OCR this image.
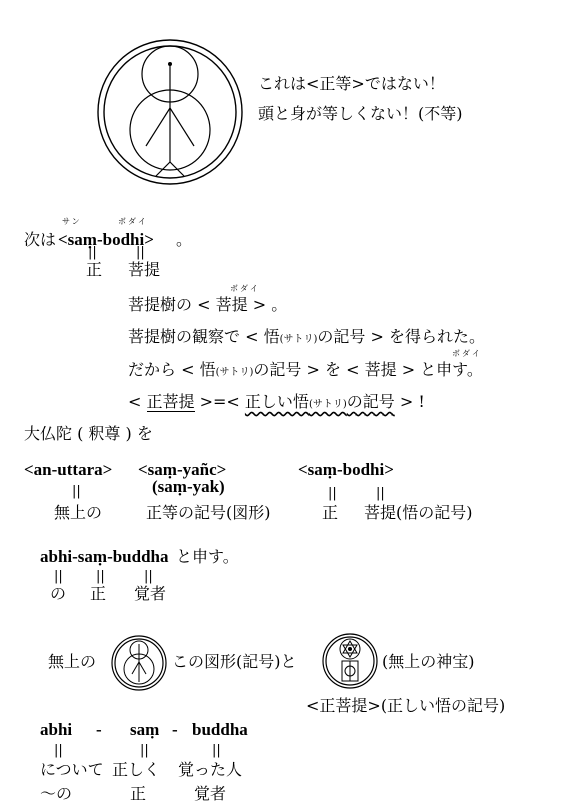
これは<正等>ではない！
頭と身が等しくない！(不等)
サン	ボダイ
次は <saṃ-bodhi> 。
||	||
正 菩提
ボダイ
菩提樹の < 菩提 > 。
菩提樹の観察で < 悟(サトリ)の記号 > を得られた。
ボダイ
だから < 悟(サトリ)の記号 > を < 菩提 > と申す。
< 正菩提 >=< 正しい悟(サトリ)の記号 > !
大仏陀 ( 釈尊 ) を
<an-uttara> <saṃ-yañc>
(saṃ-yak)
<saṃ-bodhi>
||	||	||
無上の	正等の記号(図形)	正 菩提(悟の記号)
abhi-saṃ-buddha と申す。
||	||	||
の 正 覚者
無上の	この図形(記号)と	(無上の神宝)
<正菩提>(正しい悟の記号)
abhi - saṃ - buddha
||	||	||
について 正しく 覚った人
〜の	正	覚者
